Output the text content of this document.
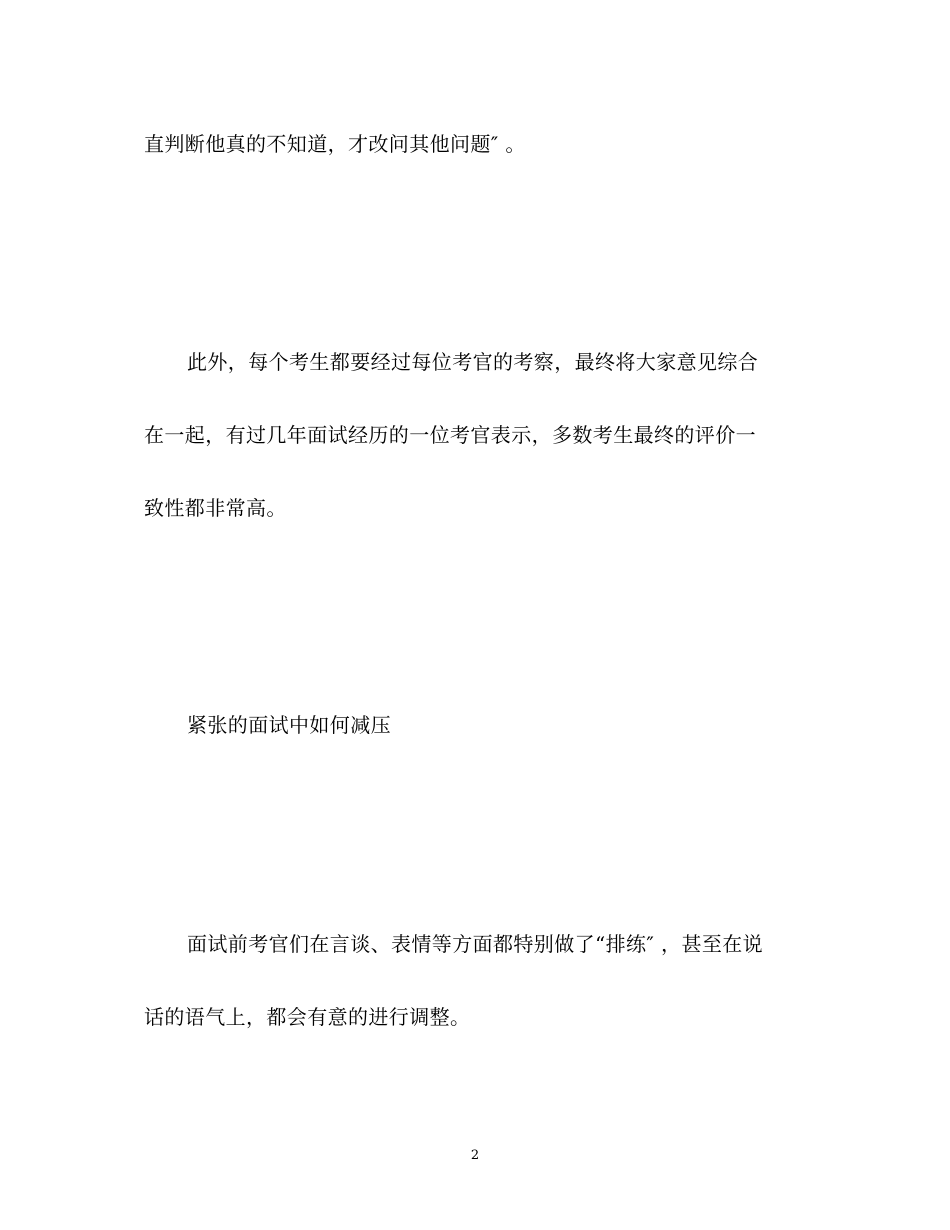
直判断他真的不知道，才改问其他问题″ 。

此外，每个考生都要经过每位考官的考察，最终将大家意见综合

在一起，有过几年面试经历的一位考官表示，多数考生最终的评价一

致性都非常高。

紧张的面试中如何减压

面试前考官们在言谈、表情等方面都特别做了“排练″ ，甚至在说

话的语气上，都会有意的进行调整。

2
